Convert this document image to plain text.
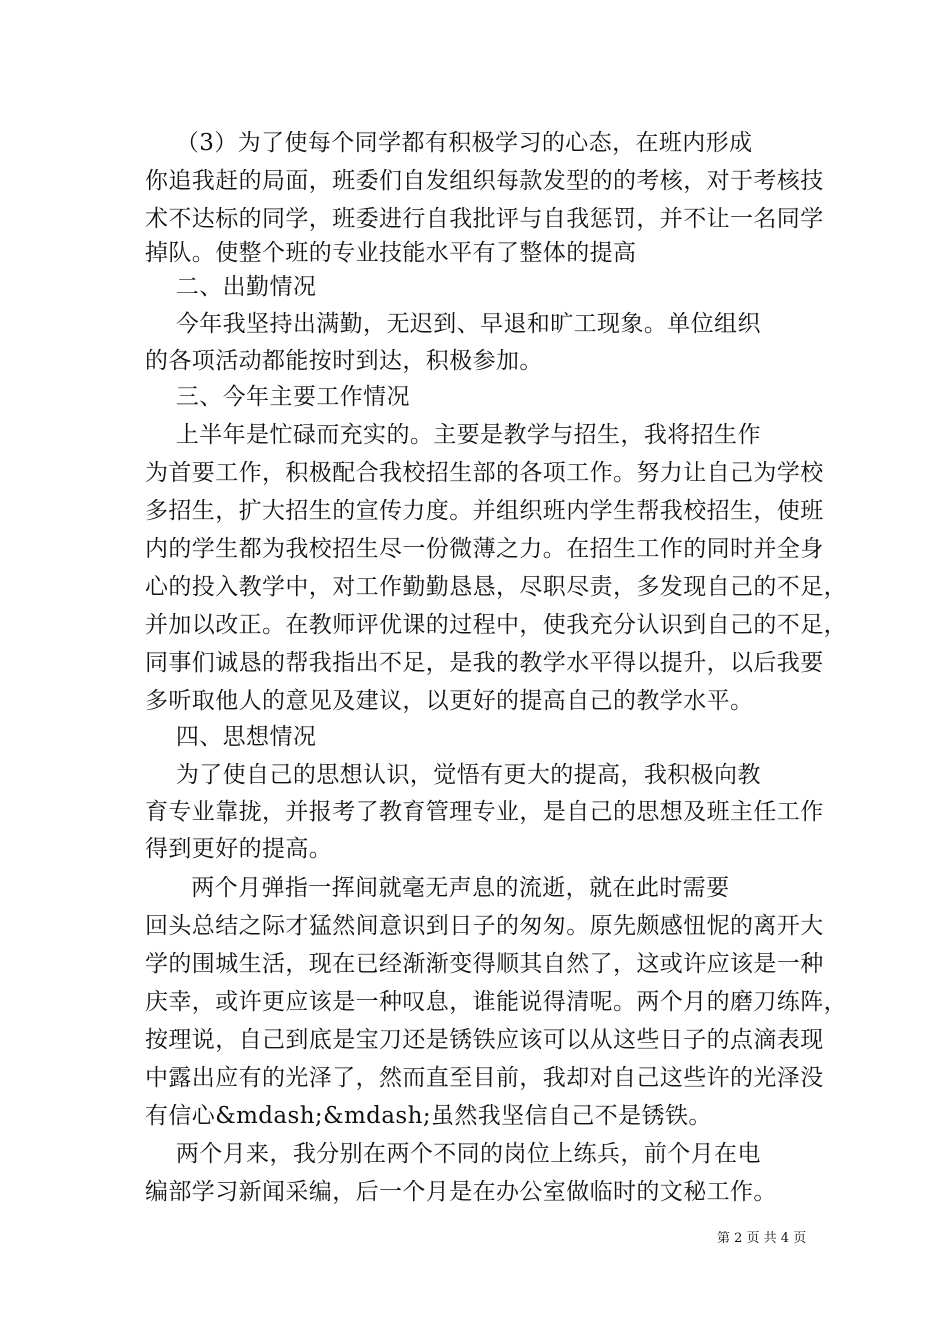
（3）为了使每个同学都有积极学习的心态，在班内形成
你追我赶的局面，班委们自发组织每款发型的的考核，对于考核技
术不达标的同学，班委进行自我批评与自我惩罚，并不让一名同学
掉队。使整个班的专业技能水平有了整体的提高
二、出勤情况
今年我坚持出满勤，无迟到、早退和旷工现象。单位组织
的各项活动都能按时到达，积极参加。
三、今年主要工作情况
上半年是忙碌而充实的。主要是教学与招生，我将招生作
为首要工作，积极配合我校招生部的各项工作。努力让自己为学校
多招生，扩大招生的宣传力度。并组织班内学生帮我校招生，使班
内的学生都为我校招生尽一份微薄之力。在招生工作的同时并全身
心的投入教学中，对工作勤勤恳恳，尽职尽责，多发现自己的不足，
并加以改正。在教师评优课的过程中，使我充分认识到自己的不足，
同事们诚恳的帮我指出不足，是我的教学水平得以提升，以后我要
多听取他人的意见及建议，以更好的提高自己的教学水平。
四、思想情况
为了使自己的思想认识，觉悟有更大的提高，我积极向教
育专业靠拢，并报考了教育管理专业，是自己的思想及班主任工作
得到更好的提高。
两个月弹指一挥间就毫无声息的流逝，就在此时需要
回头总结之际才猛然间意识到日子的匆匆。原先颇感忸怩的离开大
学的围城生活，现在已经渐渐变得顺其自然了，这或许应该是一种
庆幸，或许更应该是一种叹息，谁能说得清呢。两个月的磨刀练阵，
按理说，自己到底是宝刀还是锈铁应该可以从这些日子的点滴表现
中露出应有的光泽了，然而直至目前，我却对自己这些许的光泽没
有信心&mdash;&mdash;虽然我坚信自己不是锈铁。
两个月来，我分别在两个不同的岗位上练兵，前个月在电
编部学习新闻采编，后一个月是在办公室做临时的文秘工作。
第 2 页 共 4 页
